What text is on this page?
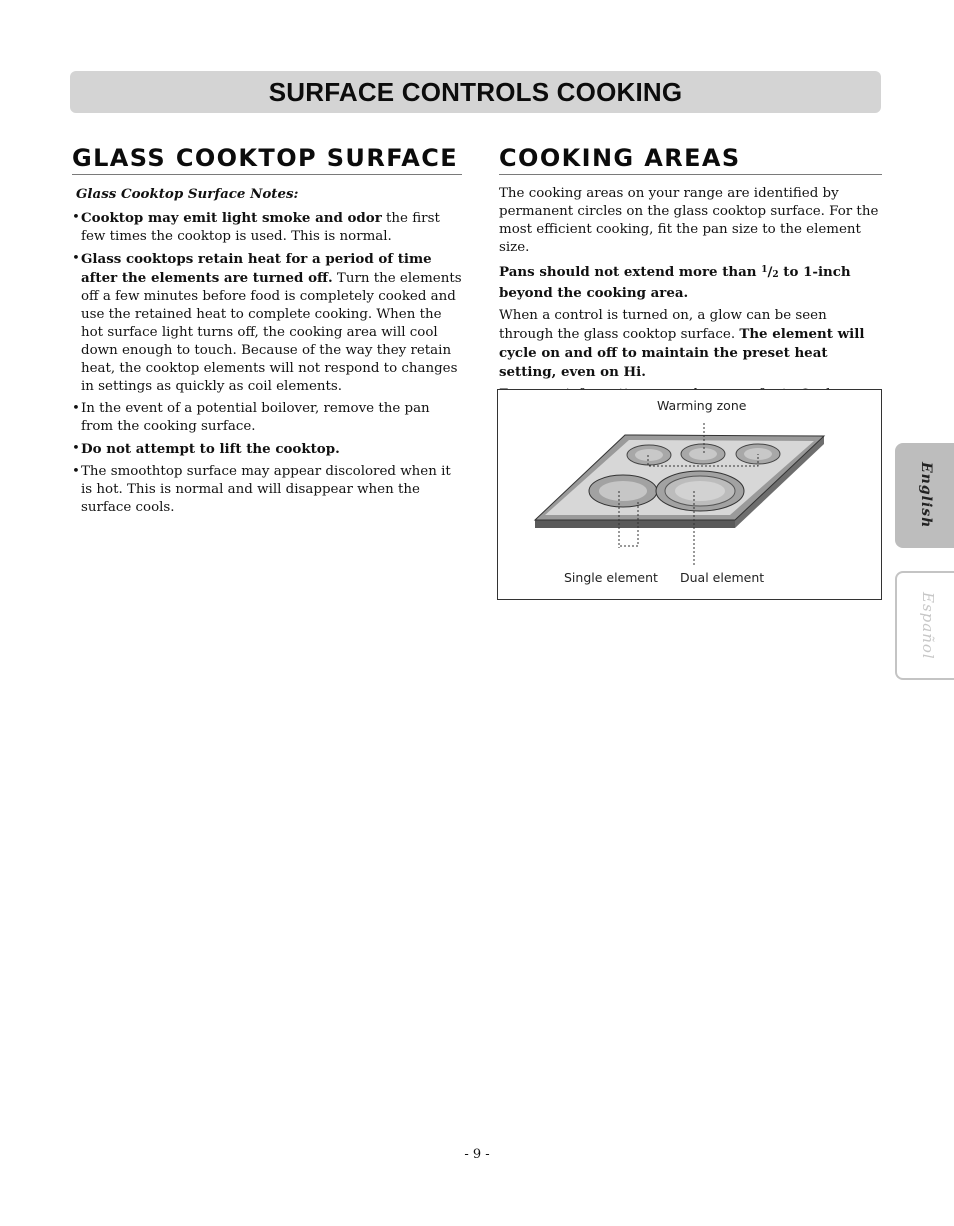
SURFACE CONTROLS COOKING
GLASS COOKTOP SURFACE
Glass Cooktop Surface Notes:
• Cooktop may emit light smoke and odor the first few times the cooktop is used. This is normal.
• Glass cooktops retain heat for a period of time after the elements are turned off. Turn the elements off a few minutes before food is completely cooked and use the retained heat to complete cooking. When the hot surface light turns off, the cooking area will cool down enough to touch. Because of the way they retain heat, the cooktop elements will not respond to changes in settings as quickly as coil elements.
• In the event of a potential boilover, remove the pan from the cooking surface.
• Do not attempt to lift the cooktop.
• The smoothtop surface may appear discolored when it is hot. This is normal and will disappear when the surface cools.
COOKING AREAS

The cooking areas on your range are identified by permanent circles on the glass cooktop surface. For the most efficient cooking, fit the pan size to the element size.

Pans should not extend more than $^1/_2$ to 1-inch beyond the cooking area.

When a control is turned on, a glow can be seen through the glass cooktop surface. The element will cycle on and off to maintain the preset heat setting, even on Hi.

Warming zone
Single element Dual element
English
Español
- 9 -
